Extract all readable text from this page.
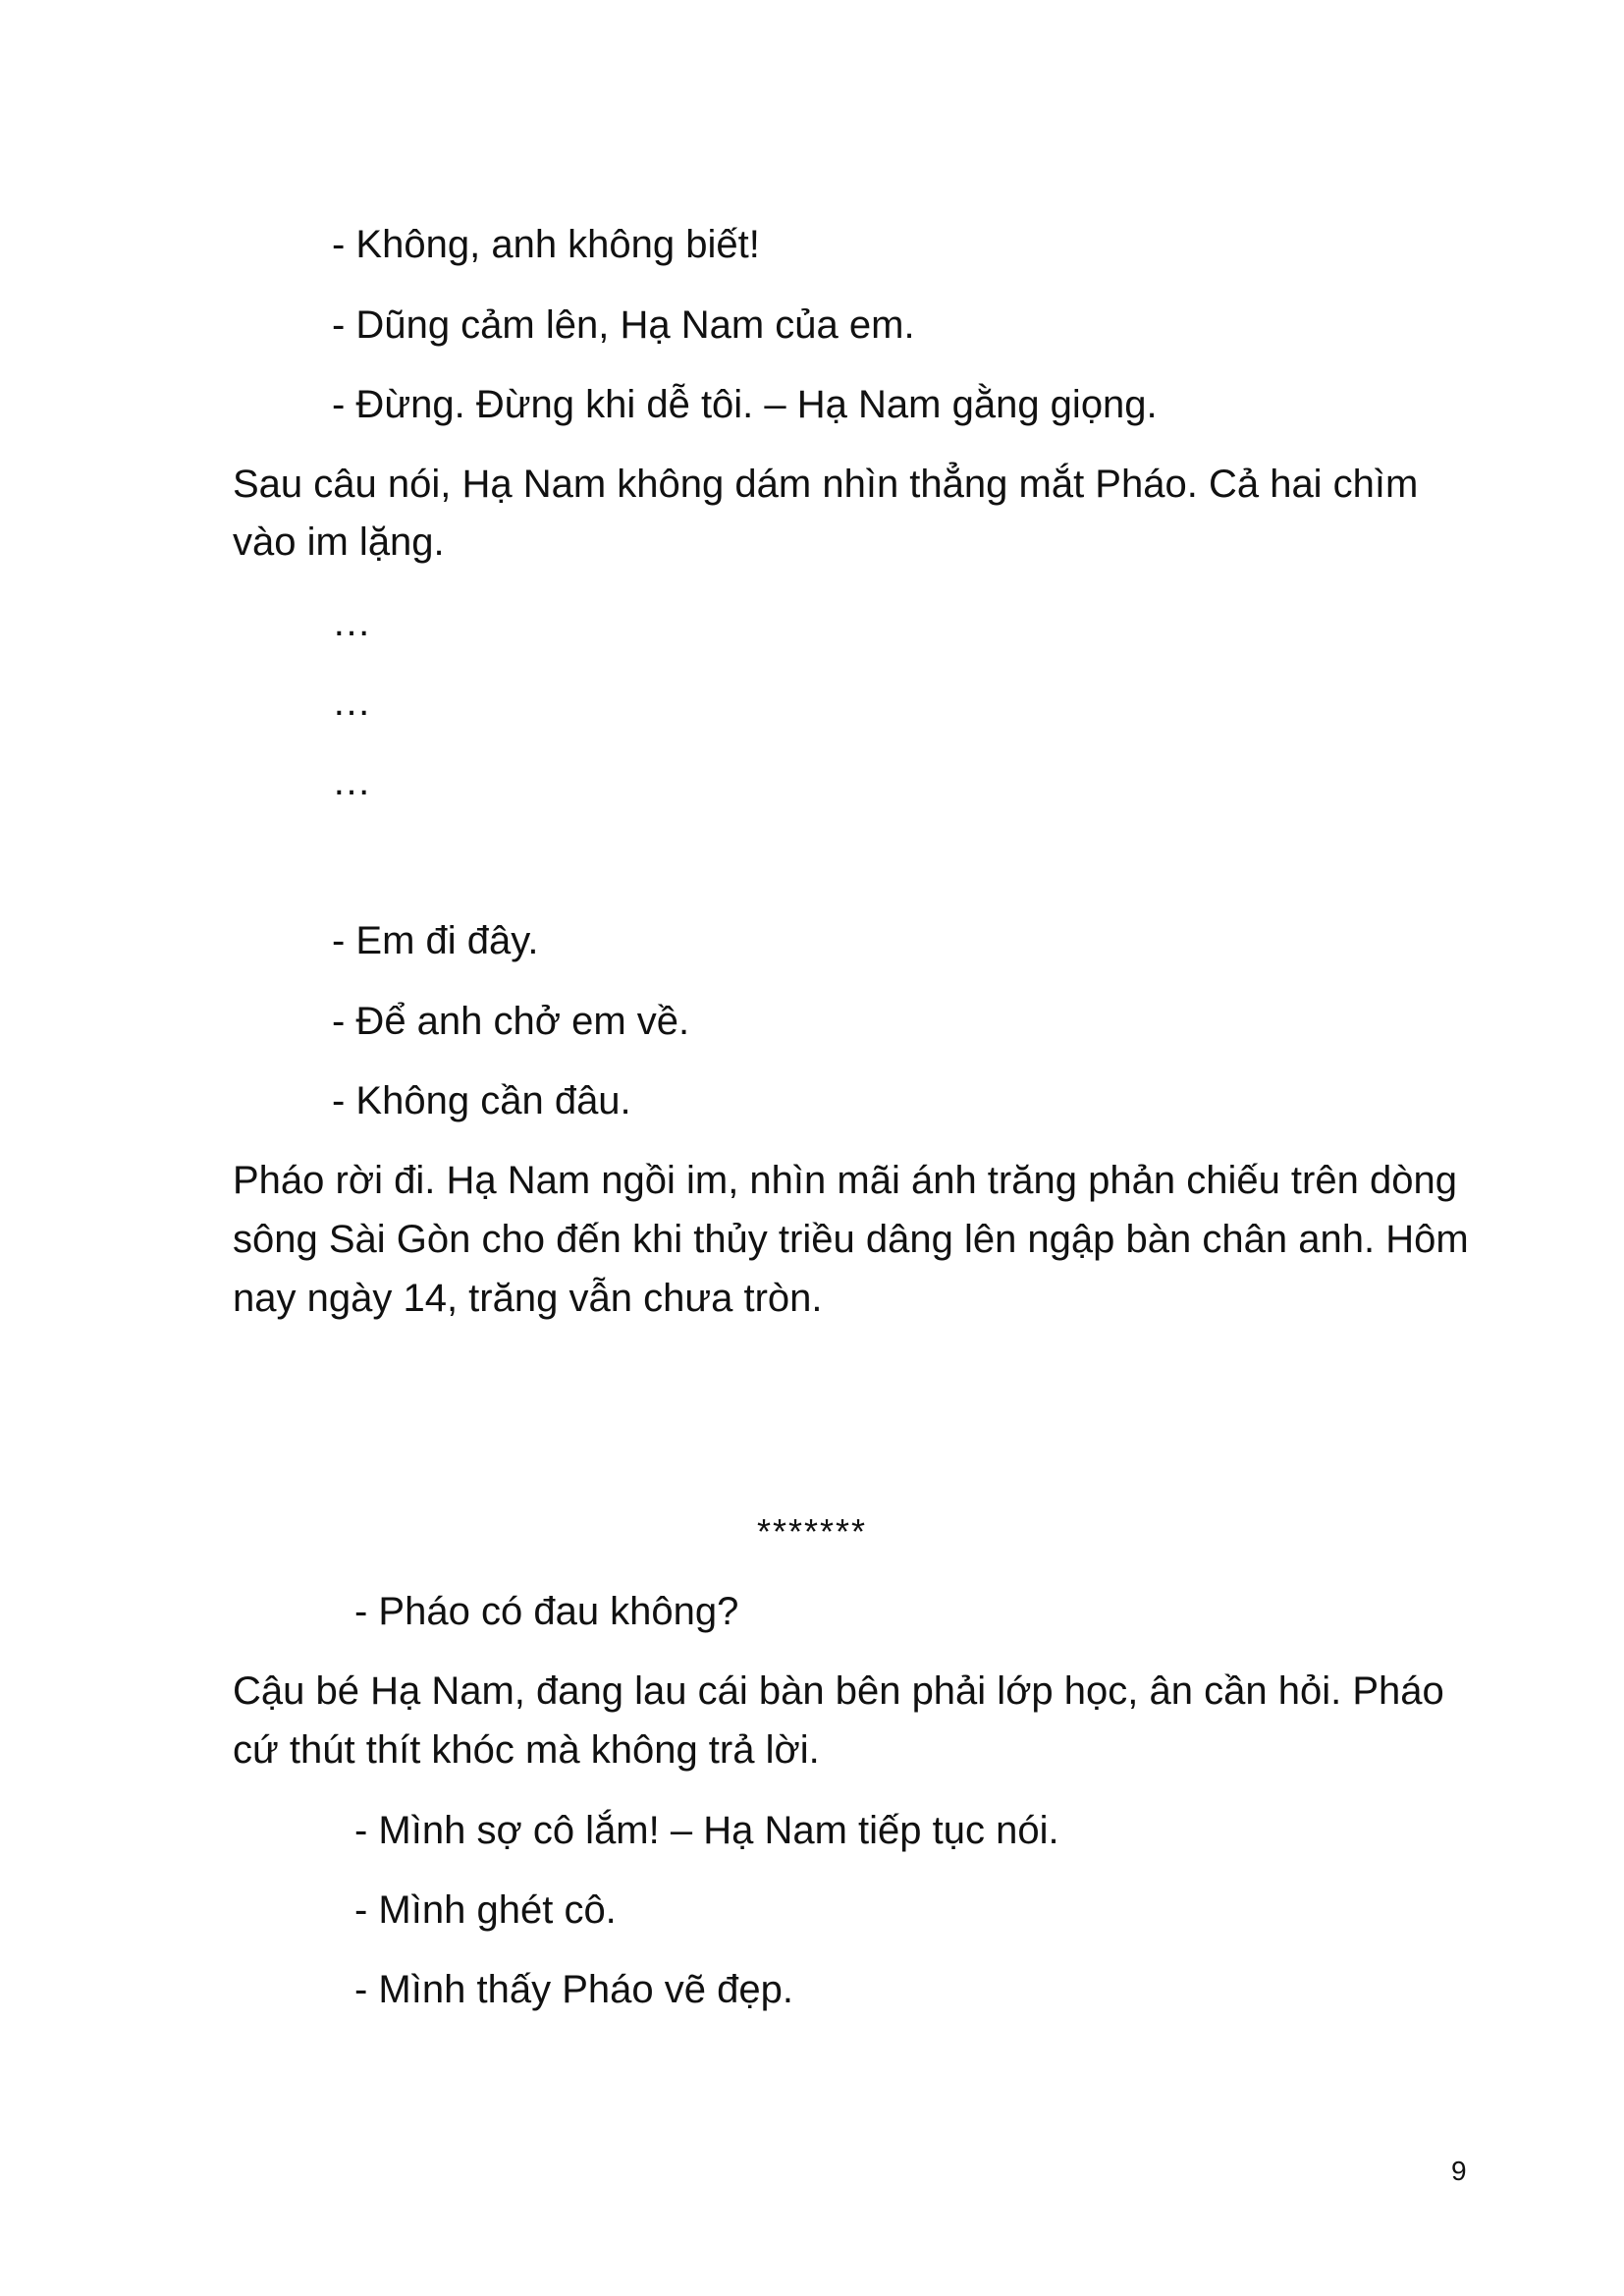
- Không, anh không biết!

- Dũng cảm lên, Hạ Nam của em.

- Đừng. Đừng khi dễ tôi. – Hạ Nam gằng giọng.

Sau câu nói, Hạ Nam không dám nhìn thẳng mắt Pháo. Cả hai chìm

vào im lặng.

…

…

…

- Em đi đây.

- Để anh chở em về.

- Không cần đâu.

Pháo rời đi. Hạ Nam ngồi im, nhìn mãi ánh trăng phản chiếu trên dòng

sông Sài Gòn cho đến khi thủy triều dâng lên ngập bàn chân anh. Hôm

nay ngày 14, trăng vẫn chưa tròn.

*******

- Pháo có đau không?

Cậu bé Hạ Nam, đang lau cái bàn bên phải lớp học, ân cần hỏi. Pháo

cứ thút thít khóc mà không trả lời.

- Mình sợ cô lắm! – Hạ Nam tiếp tục nói.

- Mình ghét cô.

- Mình thấy Pháo vẽ đẹp.

9
